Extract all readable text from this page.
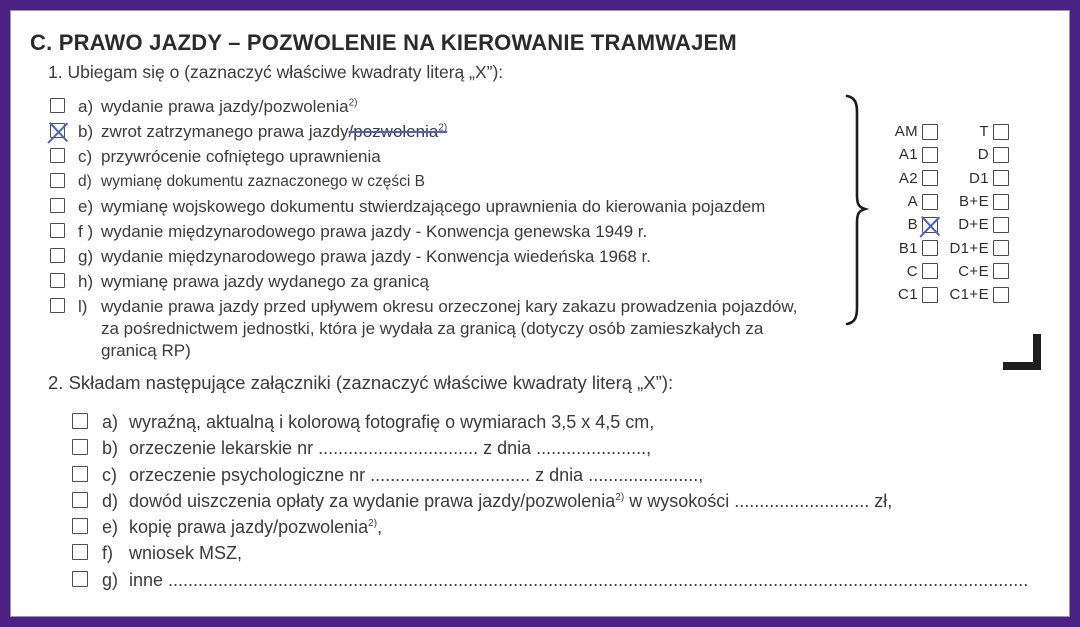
C. PRAWO JAZDY – POZWOLENIE NA KIEROWANIE TRAMWAJEM
1. Ubiegam się o (zaznaczyć właściwe kwadraty literą „X”):
a) wydanie prawa jazdy/pozwolenia$^{2)}$
b) zwrot zatrzymanego prawa jazdy/pozwolenia$^{2)}$
c) przywrócenie cofniętego uprawnienia
d) wymianę dokumentu zaznaczonego w części B
e) wymianę wojskowego dokumentu stwierdzającego uprawnienia do kierowania pojazdem
f ) wydanie międzynarodowego prawa jazdy - Konwencja genewska 1949 r.
g) wydanie międzynarodowego prawa jazdy - Konwencja wiedeńska 1968 r.
h) wymianę prawa jazdy wydanego za granicą
l) wydanie prawa jazdy przed upływem okresu orzeczonej kary zakazu prowadzenia pojazdów,
za pośrednictwem jednostki, która je wydała za granicą (dotyczy osób zamieszkałych za
granicą RP)
AM	T
A1	D
A2	D1
A	B+E
B	D+E
B1	D1+E
C	C+E
C1	C1+E
2. Składam następujące załączniki (zaznaczyć właściwe kwadraty literą „X”):
a) wyraźną, aktualną i kolorową fotografię o wymiarach 3,5 x 4,5 cm,
b) orzeczenie lekarskie nr ................................ z dnia ......................,
c) orzeczenie psychologiczne nr ................................ z dnia ......................,
d) dowód uiszczenia opłaty za wydanie prawa jazdy/pozwolenia$^{2)}$ w wysokości ........................... zł,
e) kopię prawa jazdy/pozwolenia$^{2)}$,
f) wniosek MSZ,
g) inne ............................................................................................................................................................................
